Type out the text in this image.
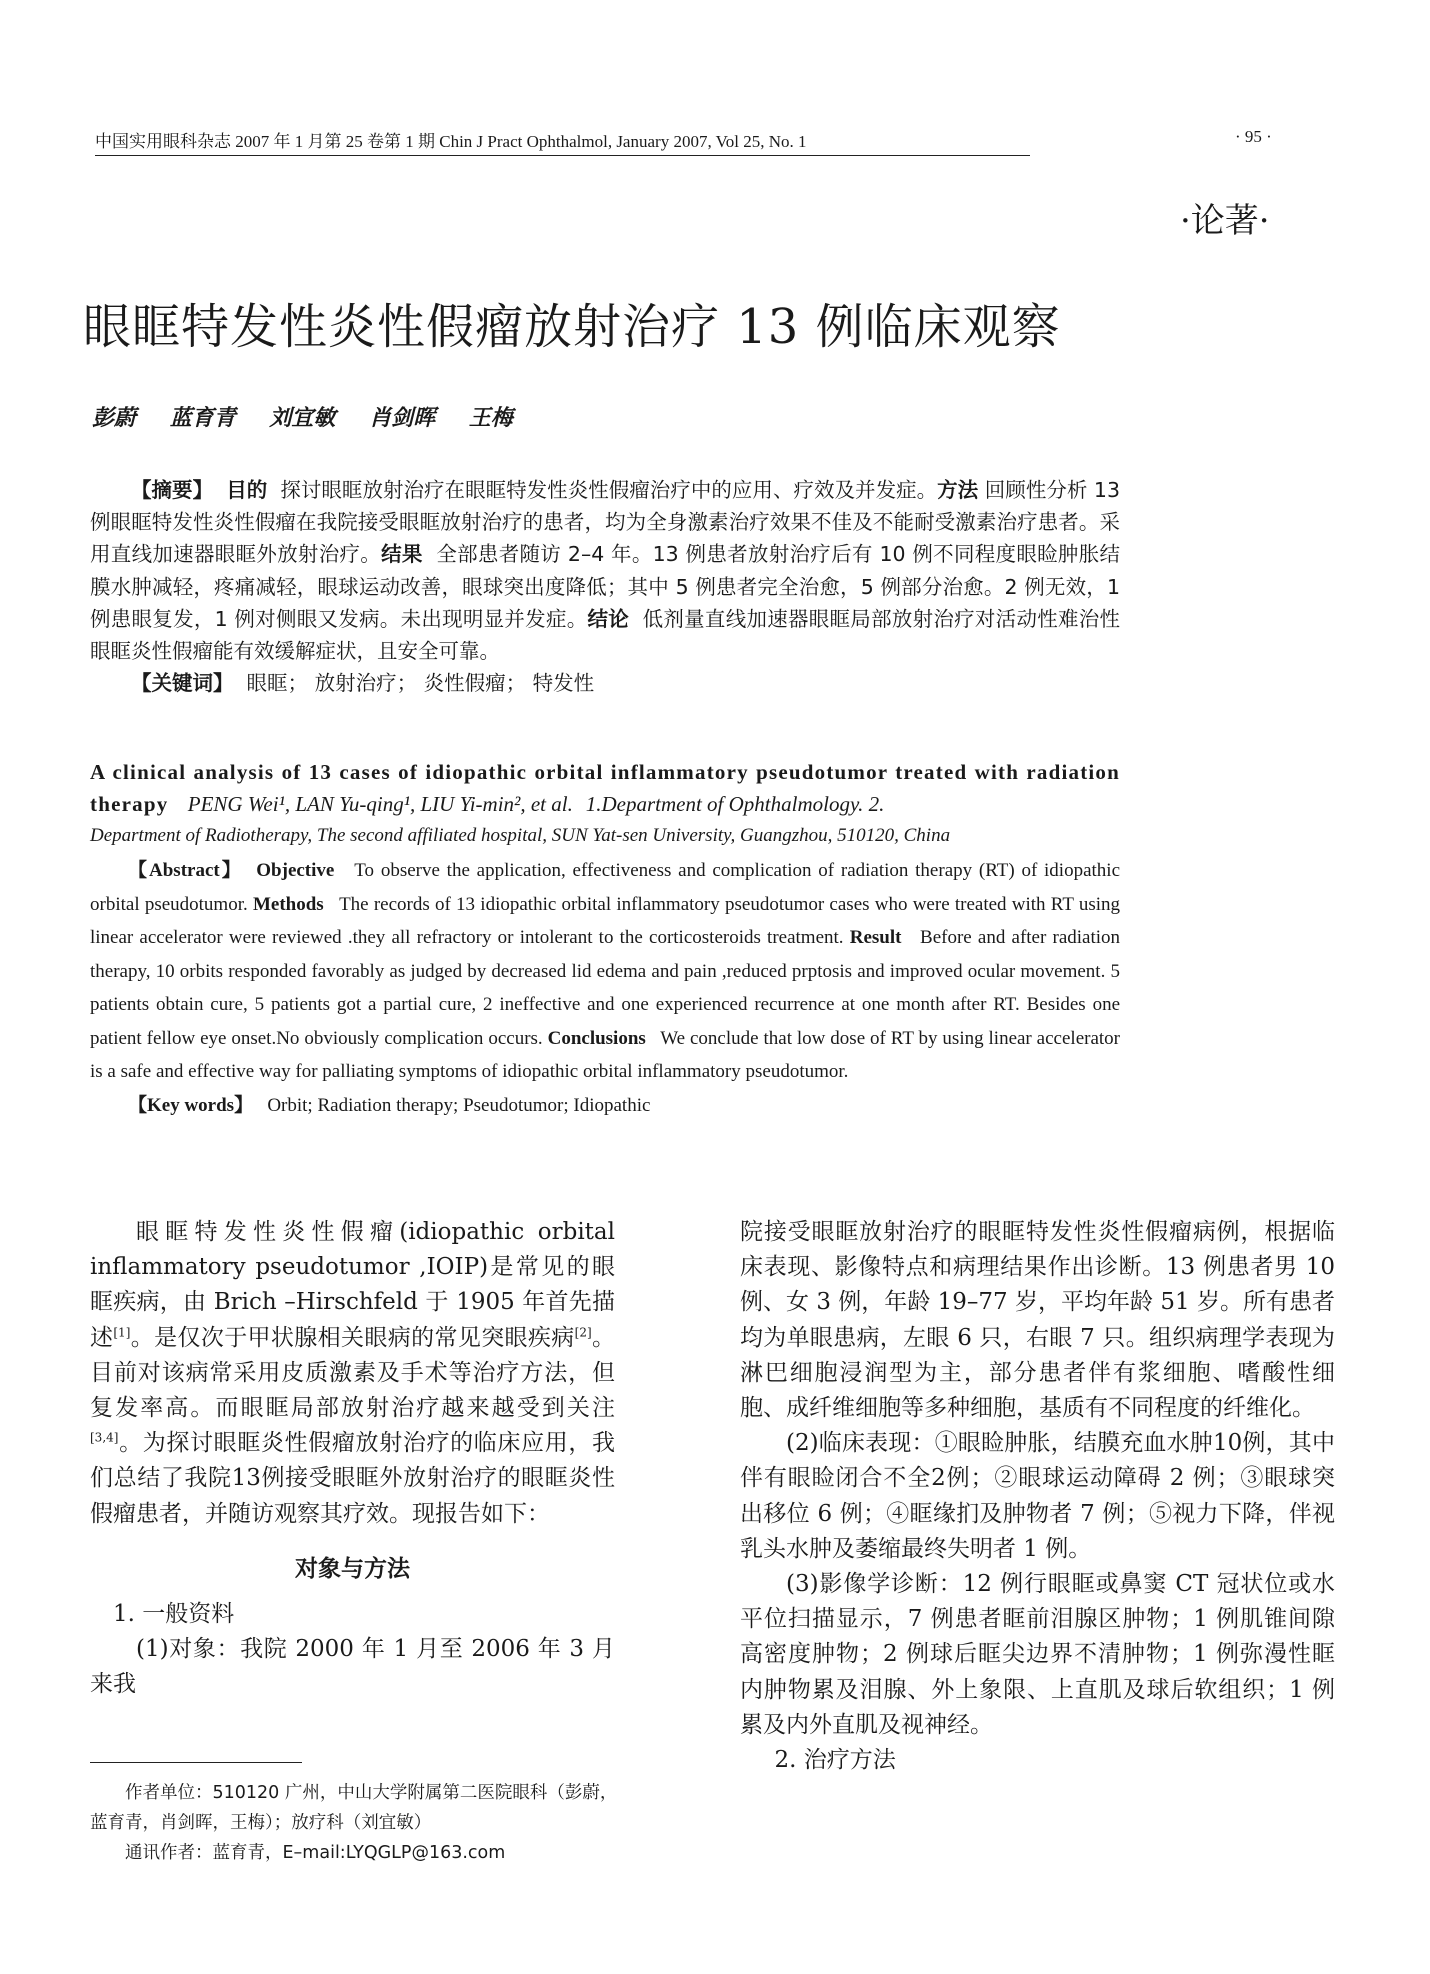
中国实用眼科杂志 2007 年 1 月第 25 卷第 1 期 Chin J Pract Ophthalmol, January 2007, Vol 25, No. 1	· 95 ·
·论著·
眼眶特发性炎性假瘤放射治疗 13 例临床观察
彭蔚 蓝育青 刘宜敏 肖剑晖 王梅

【摘要】 目的 探讨眼眶放射治疗在眼眶特发性炎性假瘤治疗中的应用、疗效及并发症。方法 回顾性分析 13 例眼眶特发性炎性假瘤在我院接受眼眶放射治疗的患者，均为全身激素治疗效果不佳及不能耐受激素治疗患者。采用直线加速器眼眶外放射治疗。结果 全部患者随访 2–4 年。13 例患者放射治疗后有 10 例不同程度眼睑肿胀结膜水肿减轻，疼痛减轻，眼球运动改善，眼球突出度降低；其中 5 例患者完全治愈，5 例部分治愈。2 例无效，1 例患眼复发，1 例对侧眼又发病。未出现明显并发症。结论 低剂量直线加速器眼眶局部放射治疗对活动性难治性眼眶炎性假瘤能有效缓解症状，且安全可靠。

【关键词】 眼眶； 放射治疗； 炎性假瘤； 特发性

A clinical analysis of 13 cases of idiopathic orbital inflammatory pseudotumor treated with radiation therapy PENG Wei¹, LAN Yu-qing¹, LIU Yi-min², et al. 1.Department of Ophthalmology. 2.
Department of Radiotherapy, The second affiliated hospital, SUN Yat-sen University, Guangzhou, 510120, China

【Abstract】 Objective To observe the application, effectiveness and complication of radiation therapy (RT) of idiopathic orbital pseudotumor. Methods The records of 13 idiopathic orbital inflammatory pseudotumor cases who were treated with RT using linear accelerator were reviewed .they all refractory or intolerant to the corticosteroids treatment. Result Before and after radiation therapy, 10 orbits responded favorably as judged by decreased lid edema and pain ,reduced prptosis and improved ocular movement. 5 patients obtain cure, 5 patients got a partial cure, 2 ineffective and one experienced recurrence at one month after RT. Besides one patient fellow eye onset.No obviously complication occurs. Conclusions We conclude that low dose of RT by using linear accelerator is a safe and effective way for palliating symptoms of idiopathic orbital inflammatory pseudotumor.

【Key words】 Orbit; Radiation therapy; Pseudotumor; Idiopathic

眼眶特发性炎性假瘤(idiopathic orbital inflammatory pseudotumor ,IOIP)是常见的眼眶疾病，由 Brich –Hirschfeld 于 1905 年首先描述[1]。是仅次于甲状腺相关眼病的常见突眼疾病[2]。目前对该病常采用皮质激素及手术等治疗方法，但复发率高。而眼眶局部放射治疗越来越受到关注[3,4]。为探讨眼眶炎性假瘤放射治疗的临床应用，我们总结了我院13例接受眼眶外放射治疗的眼眶炎性假瘤患者，并随访观察其疗效。现报告如下：

对象与方法

1. 一般资料

(1)对象：我院 2000 年 1 月至 2006 年 3 月来我

院接受眼眶放射治疗的眼眶特发性炎性假瘤病例，根据临床表现、影像特点和病理结果作出诊断。13 例患者男 10例、女 3 例，年龄 19–77 岁，平均年龄 51 岁。所有患者均为单眼患病，左眼 6 只，右眼 7 只。组织病理学表现为淋巴细胞浸润型为主，部分患者伴有浆细胞、嗜酸性细胞、成纤维细胞等多种细胞，基质有不同程度的纤维化。

(2)临床表现：①眼睑肿胀，结膜充血水肿10例，其中伴有眼睑闭合不全2例；②眼球运动障碍 2 例；③眼球突出移位 6 例；④眶缘扪及肿物者 7 例；⑤视力下降，伴视乳头水肿及萎缩最终失明者 1 例。

(3)影像学诊断：12 例行眼眶或鼻窦 CT 冠状位或水平位扫描显示，7 例患者眶前泪腺区肿物；1 例肌锥间隙高密度肿物；2 例球后眶尖边界不清肿物；1 例弥漫性眶内肿物累及泪腺、外上象限、上直肌及球后软组织；1 例累及内外直肌及视神经。

2. 治疗方法

作者单位：510120 广州，中山大学附属第二医院眼科（彭蔚，

蓝育青，肖剑晖，王梅）；放疗科（刘宜敏）

通讯作者：蓝育青，E–mail:LYQGLP@163.com
